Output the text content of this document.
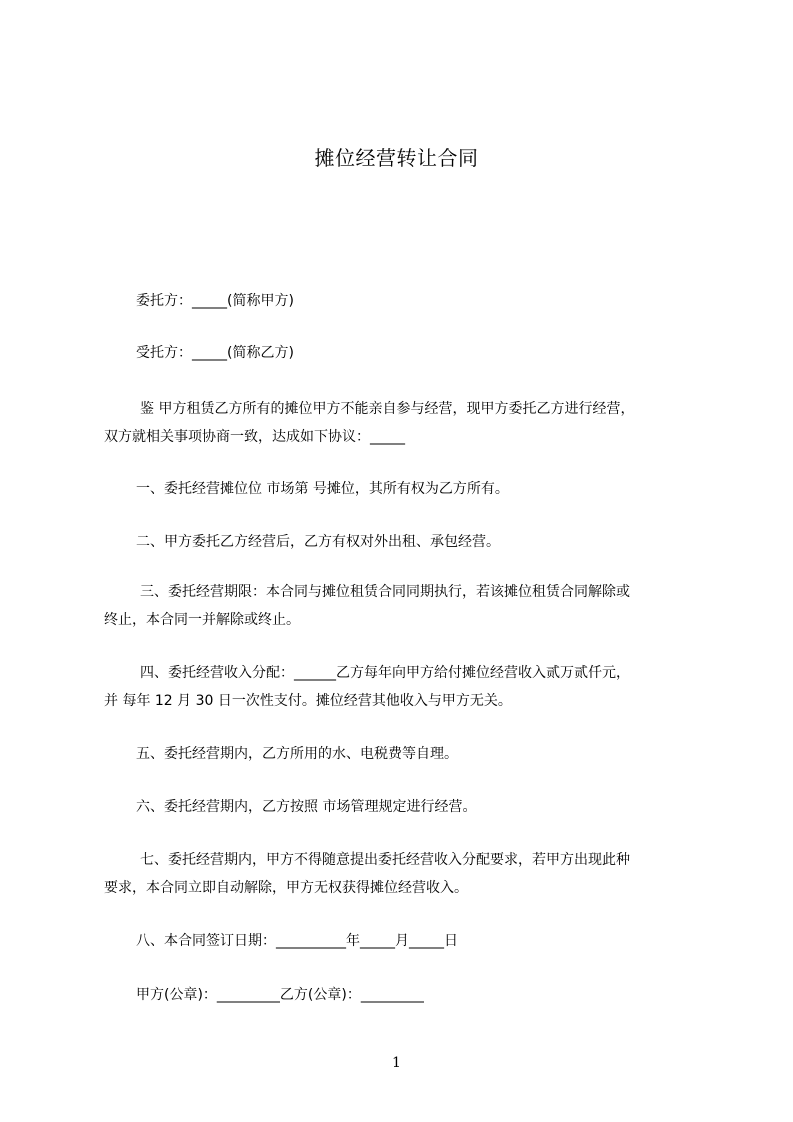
摊位经营转让合同
委托方：_____(简称甲方)
受托方：_____(简称乙方)
鉴 甲方租赁乙方所有的摊位甲方不能亲自参与经营，现甲方委托乙方进行经营，
双方就相关事项协商一致，达成如下协议：_____
一、委托经营摊位位 市场第 号摊位，其所有权为乙方所有。
二、甲方委托乙方经营后，乙方有权对外出租、承包经营。
三、委托经营期限：本合同与摊位租赁合同同期执行，若该摊位租赁合同解除或
终止，本合同一并解除或终止。
四、委托经营收入分配：______乙方每年向甲方给付摊位经营收入贰万贰仟元，
并 每年 12 月 30 日一次性支付。摊位经营其他收入与甲方无关。
五、委托经营期内，乙方所用的水、电税费等自理。
六、委托经营期内，乙方按照 市场管理规定进行经营。
七、委托经营期内，甲方不得随意提出委托经营收入分配要求，若甲方出现此种
要求，本合同立即自动解除，甲方无权获得摊位经营收入。
八、本合同签订日期：__________年_____月_____日
甲方(公章)：_________乙方(公章)：_________
1
